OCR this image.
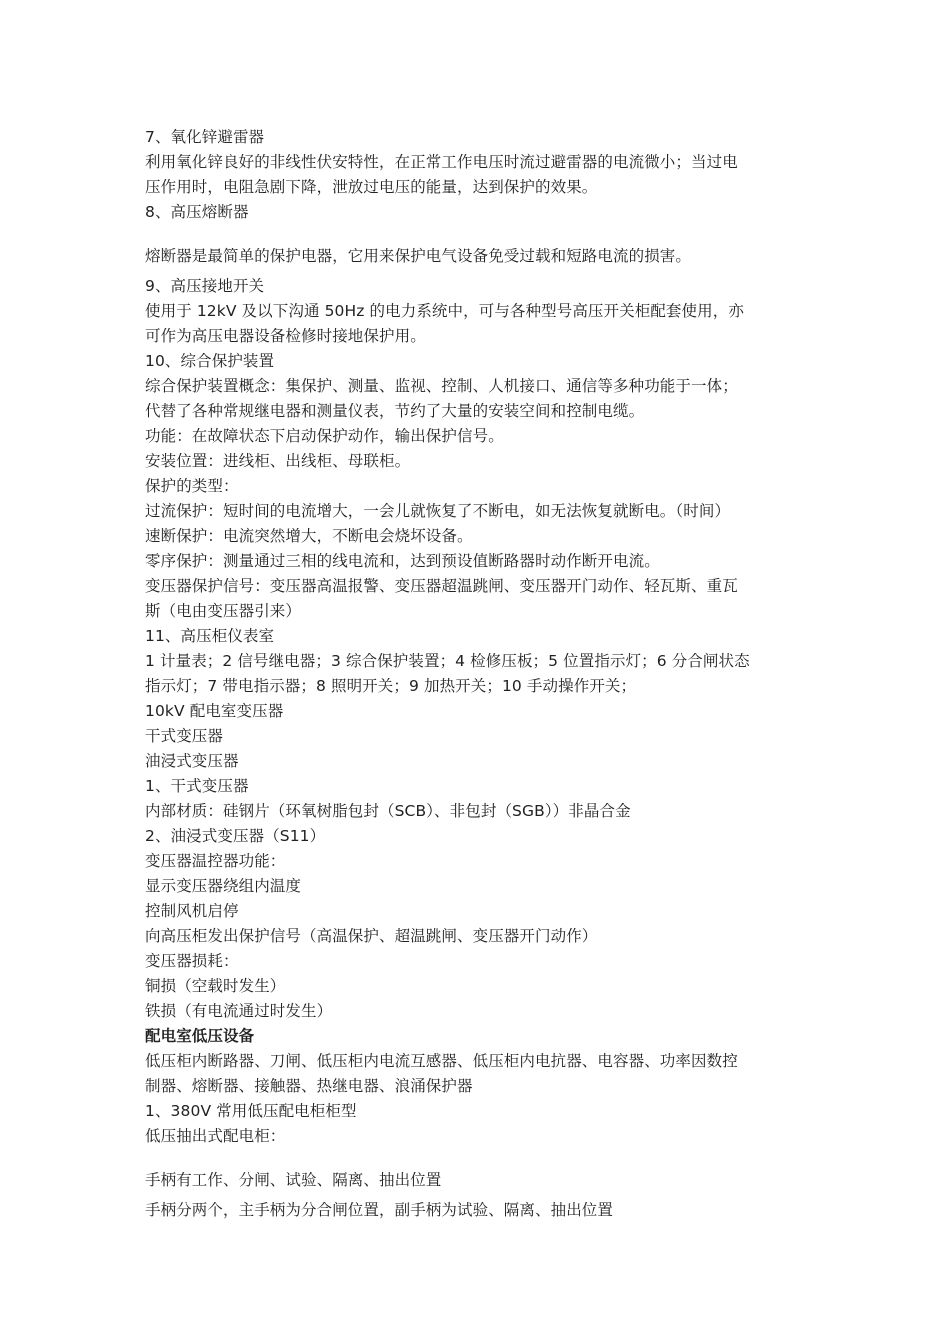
7、氧化锌避雷器
利用氧化锌良好的非线性伏安特性，在正常工作电压时流过避雷器的电流微小；当过电
压作用时，电阻急剧下降，泄放过电压的能量，达到保护的效果。
8、高压熔断器
熔断器是最简单的保护电器，它用来保护电气设备免受过载和短路电流的损害。
9、高压接地开关
使用于 12kV 及以下沟通 50Hz 的电力系统中，可与各种型号高压开关柜配套使用，亦
可作为高压电器设备检修时接地保护用。
10、综合保护装置
综合保护装置概念：集保护、测量、监视、控制、人机接口、通信等多种功能于一体；
代替了各种常规继电器和测量仪表，节约了大量的安装空间和控制电缆。
功能：在故障状态下启动保护动作，输出保护信号。
安装位置：进线柜、出线柜、母联柜。
保护的类型：
过流保护：短时间的电流增大，一会儿就恢复了不断电，如无法恢复就断电。（时间）
速断保护：电流突然增大，不断电会烧坏设备。
零序保护：测量通过三相的线电流和，达到预设值断路器时动作断开电流。
变压器保护信号：变压器高温报警、变压器超温跳闸、变压器开门动作、轻瓦斯、重瓦
斯（电由变压器引来）
11、高压柜仪表室
1 计量表；2 信号继电器；3 综合保护装置；4 检修压板；5 位置指示灯；6 分合闸状态
指示灯；7 带电指示器；8 照明开关；9 加热开关；10 手动操作开关；
10kV 配电室变压器
干式变压器
油浸式变压器
1、干式变压器
内部材质：硅钢片（环氧树脂包封（SCB）、非包封（SGB））非晶合金
2、油浸式变压器（S11）
变压器温控器功能：
显示变压器绕组内温度
控制风机启停
向高压柜发出保护信号（高温保护、超温跳闸、变压器开门动作）
变压器损耗：
铜损（空载时发生）
铁损（有电流通过时发生）
配电室低压设备
低压柜内断路器、刀闸、低压柜内电流互感器、低压柜内电抗器、电容器、功率因数控
制器、熔断器、接触器、热继电器、浪涌保护器
1、380V 常用低压配电柜柜型
低压抽出式配电柜：
手柄有工作、分闸、试验、隔离、抽出位置
手柄分两个，主手柄为分合闸位置，副手柄为试验、隔离、抽出位置
